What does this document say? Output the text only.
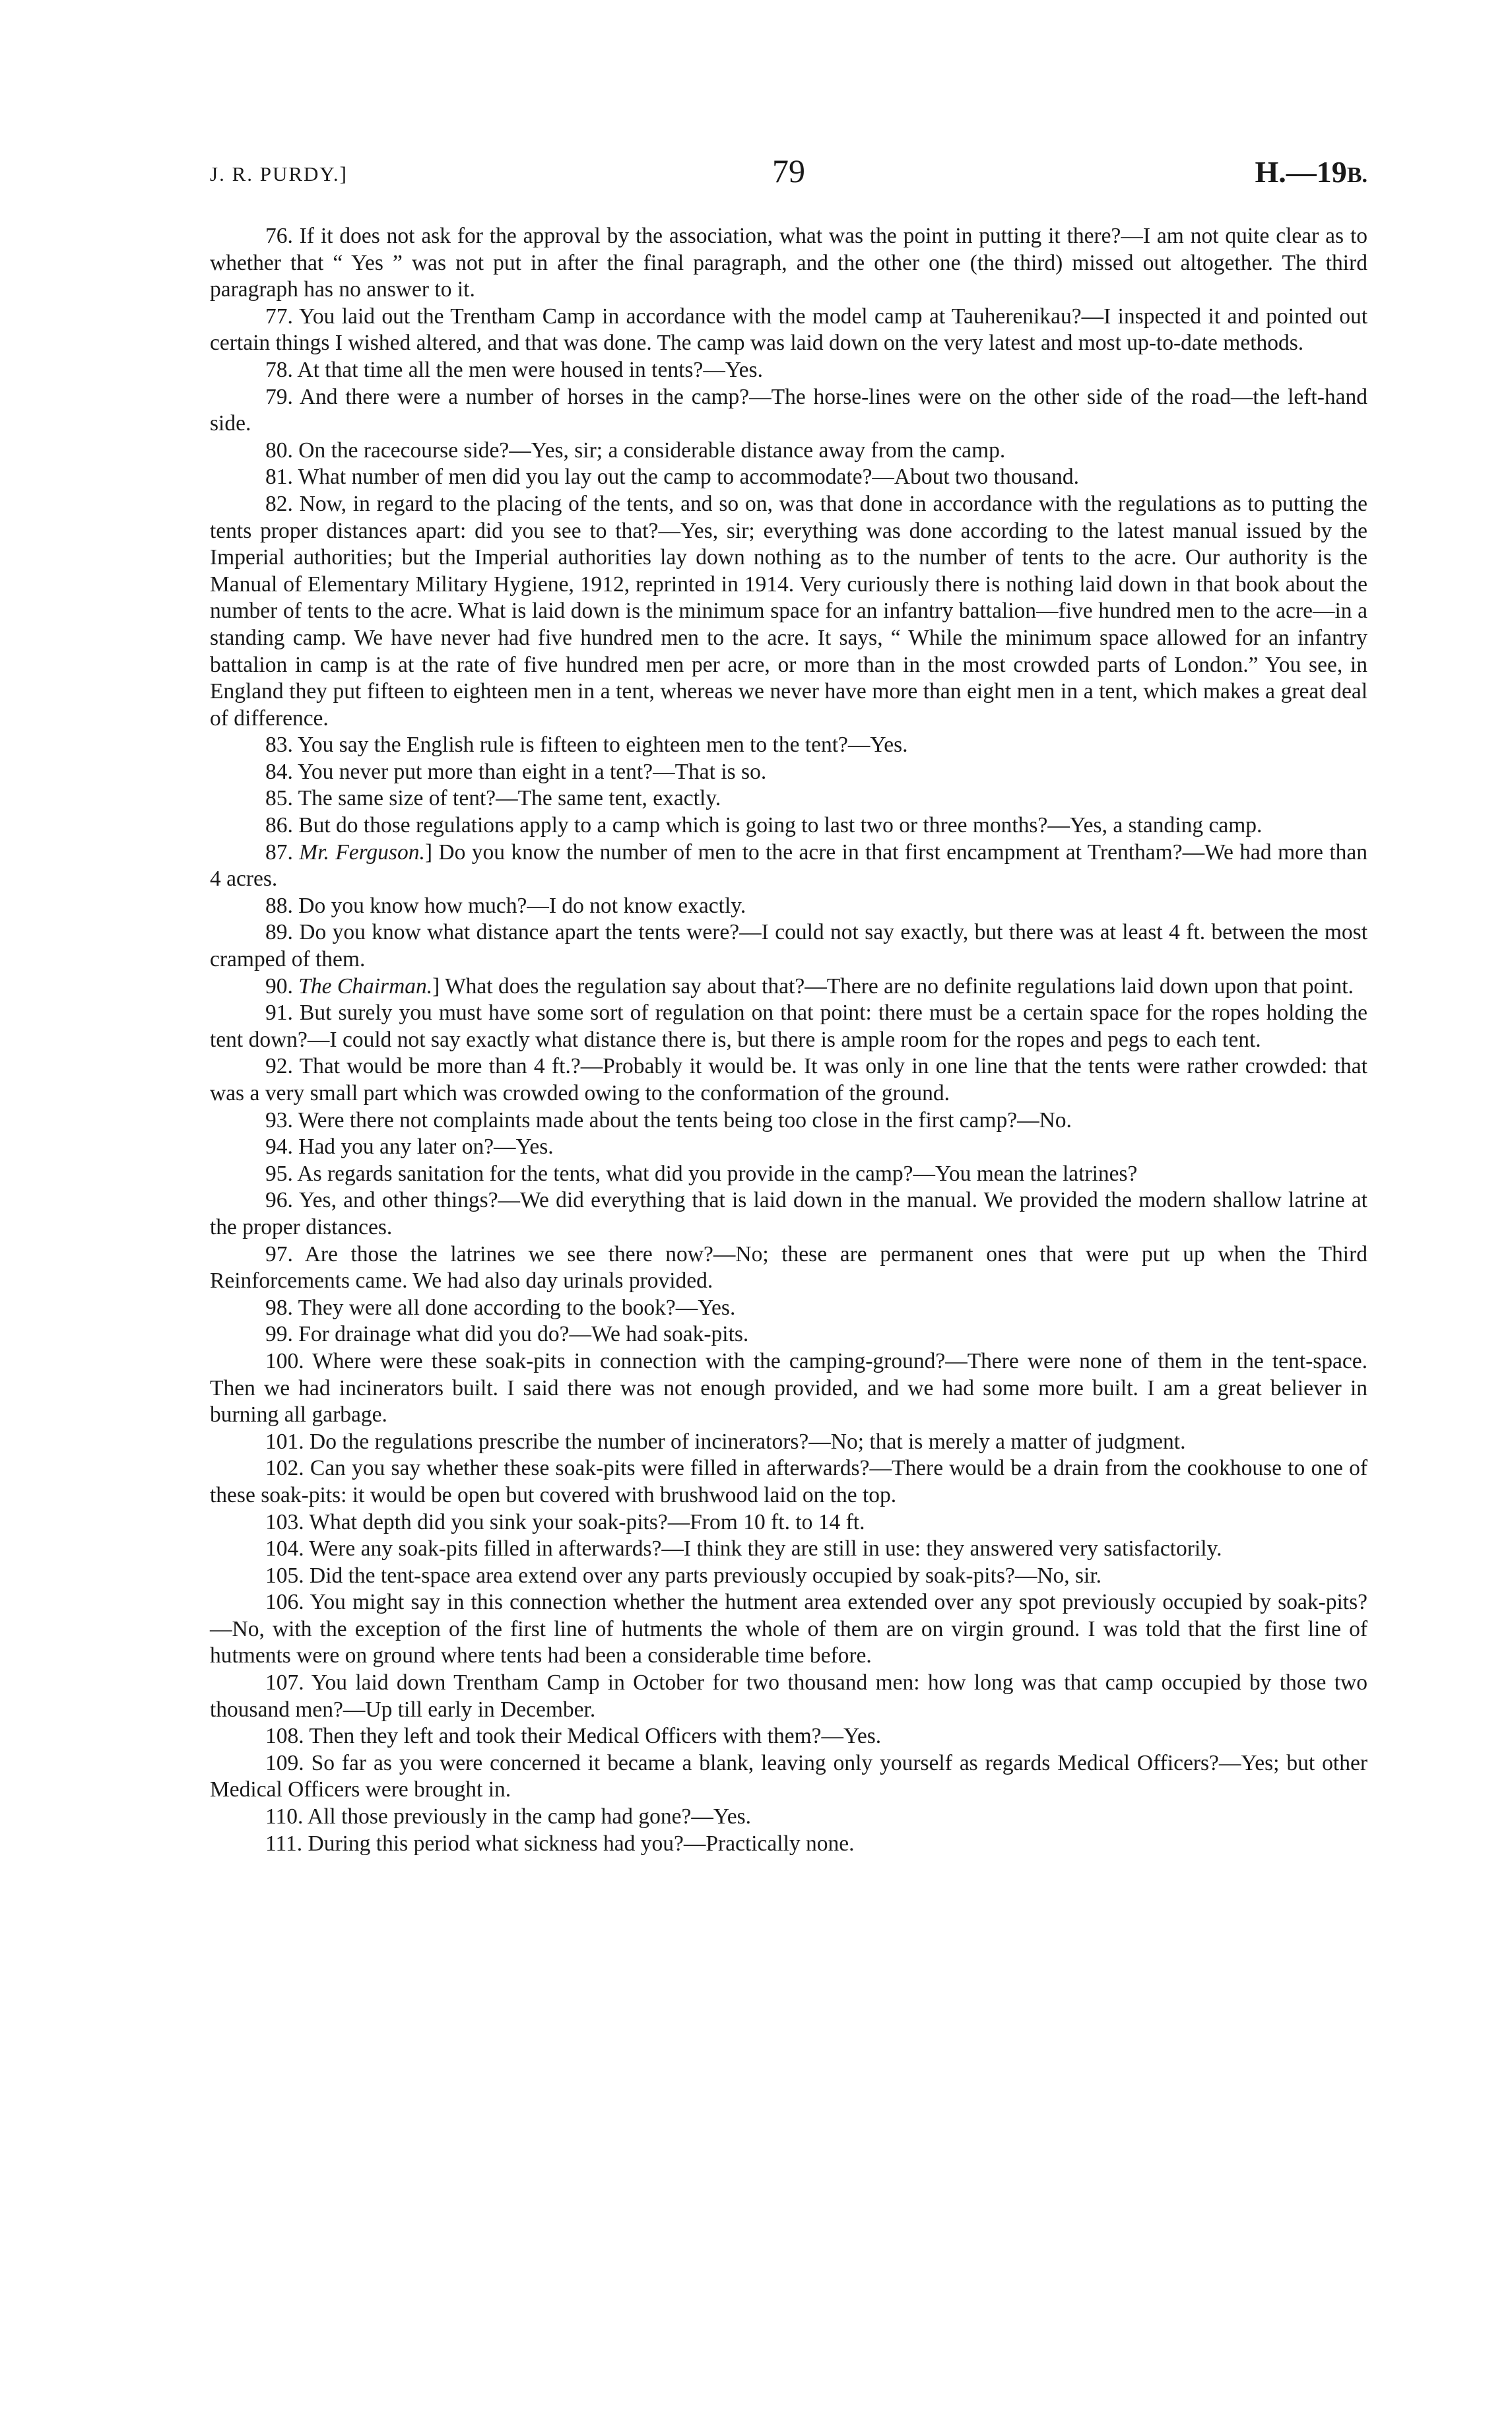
J. R. PURDY.]	79	H.—19B.

76. If it does not ask for the approval by the association, what was the point in putting it there?—I am not quite clear as to whether that “ Yes ” was not put in after the final paragraph, and the other one (the third) missed out altogether. The third paragraph has no answer to it.

77. You laid out the Trentham Camp in accordance with the model camp at Tauherenikau?—I inspected it and pointed out certain things I wished altered, and that was done. The camp was laid down on the very latest and most up-to-date methods.

78. At that time all the men were housed in tents?—Yes.

79. And there were a number of horses in the camp?—The horse-lines were on the other side of the road—the left-hand side.

80. On the racecourse side?—Yes, sir; a considerable distance away from the camp.

81. What number of men did you lay out the camp to accommodate?—About two thousand.

82. Now, in regard to the placing of the tents, and so on, was that done in accordance with the regulations as to putting the tents proper distances apart: did you see to that?—Yes, sir; everything was done according to the latest manual issued by the Imperial authorities; but the Imperial authorities lay down nothing as to the number of tents to the acre. Our authority is the Manual of Elementary Military Hygiene, 1912, reprinted in 1914. Very curiously there is nothing laid down in that book about the number of tents to the acre. What is laid down is the minimum space for an infantry battalion—five hundred men to the acre—in a standing camp. We have never had five hundred men to the acre. It says, “ While the minimum space allowed for an infantry battalion in camp is at the rate of five hundred men per acre, or more than in the most crowded parts of London.” You see, in England they put fifteen to eighteen men in a tent, whereas we never have more than eight men in a tent, which makes a great deal of difference.

83. You say the English rule is fifteen to eighteen men to the tent?—Yes.

84. You never put more than eight in a tent?—That is so.

85. The same size of tent?—The same tent, exactly.

86. But do those regulations apply to a camp which is going to last two or three months?—Yes, a standing camp.

87. Mr. Ferguson.] Do you know the number of men to the acre in that first encampment at Trentham?—We had more than 4 acres.

88. Do you know how much?—I do not know exactly.

89. Do you know what distance apart the tents were?—I could not say exactly, but there was at least 4 ft. between the most cramped of them.

90. The Chairman.] What does the regulation say about that?—There are no definite regulations laid down upon that point.

91. But surely you must have some sort of regulation on that point: there must be a certain space for the ropes holding the tent down?—I could not say exactly what distance there is, but there is ample room for the ropes and pegs to each tent.

92. That would be more than 4 ft.?—Probably it would be. It was only in one line that the tents were rather crowded: that was a very small part which was crowded owing to the conformation of the ground.

93. Were there not complaints made about the tents being too close in the first camp?—No.

94. Had you any later on?—Yes.

95. As regards sanitation for the tents, what did you provide in the camp?—You mean the latrines?

96. Yes, and other things?—We did everything that is laid down in the manual. We provided the modern shallow latrine at the proper distances.

97. Are those the latrines we see there now?—No; these are permanent ones that were put up when the Third Reinforcements came. We had also day urinals provided.

98. They were all done according to the book?—Yes.

99. For drainage what did you do?—We had soak-pits.

100. Where were these soak-pits in connection with the camping-ground?—There were none of them in the tent-space. Then we had incinerators built. I said there was not enough provided, and we had some more built. I am a great believer in burning all garbage.

101. Do the regulations prescribe the number of incinerators?—No; that is merely a matter of judgment.

102. Can you say whether these soak-pits were filled in afterwards?—There would be a drain from the cookhouse to one of these soak-pits: it would be open but covered with brushwood laid on the top.

103. What depth did you sink your soak-pits?—From 10 ft. to 14 ft.

104. Were any soak-pits filled in afterwards?—I think they are still in use: they answered very satisfactorily.

105. Did the tent-space area extend over any parts previously occupied by soak-pits?—No, sir.

106. You might say in this connection whether the hutment area extended over any spot previously occupied by soak-pits?—No, with the exception of the first line of hutments the whole of them are on virgin ground. I was told that the first line of hutments were on ground where tents had been a considerable time before.

107. You laid down Trentham Camp in October for two thousand men: how long was that camp occupied by those two thousand men?—Up till early in December.

108. Then they left and took their Medical Officers with them?—Yes.

109. So far as you were concerned it became a blank, leaving only yourself as regards Medical Officers?—Yes; but other Medical Officers were brought in.

110. All those previously in the camp had gone?—Yes.

111. During this period what sickness had you?—Practically none.
